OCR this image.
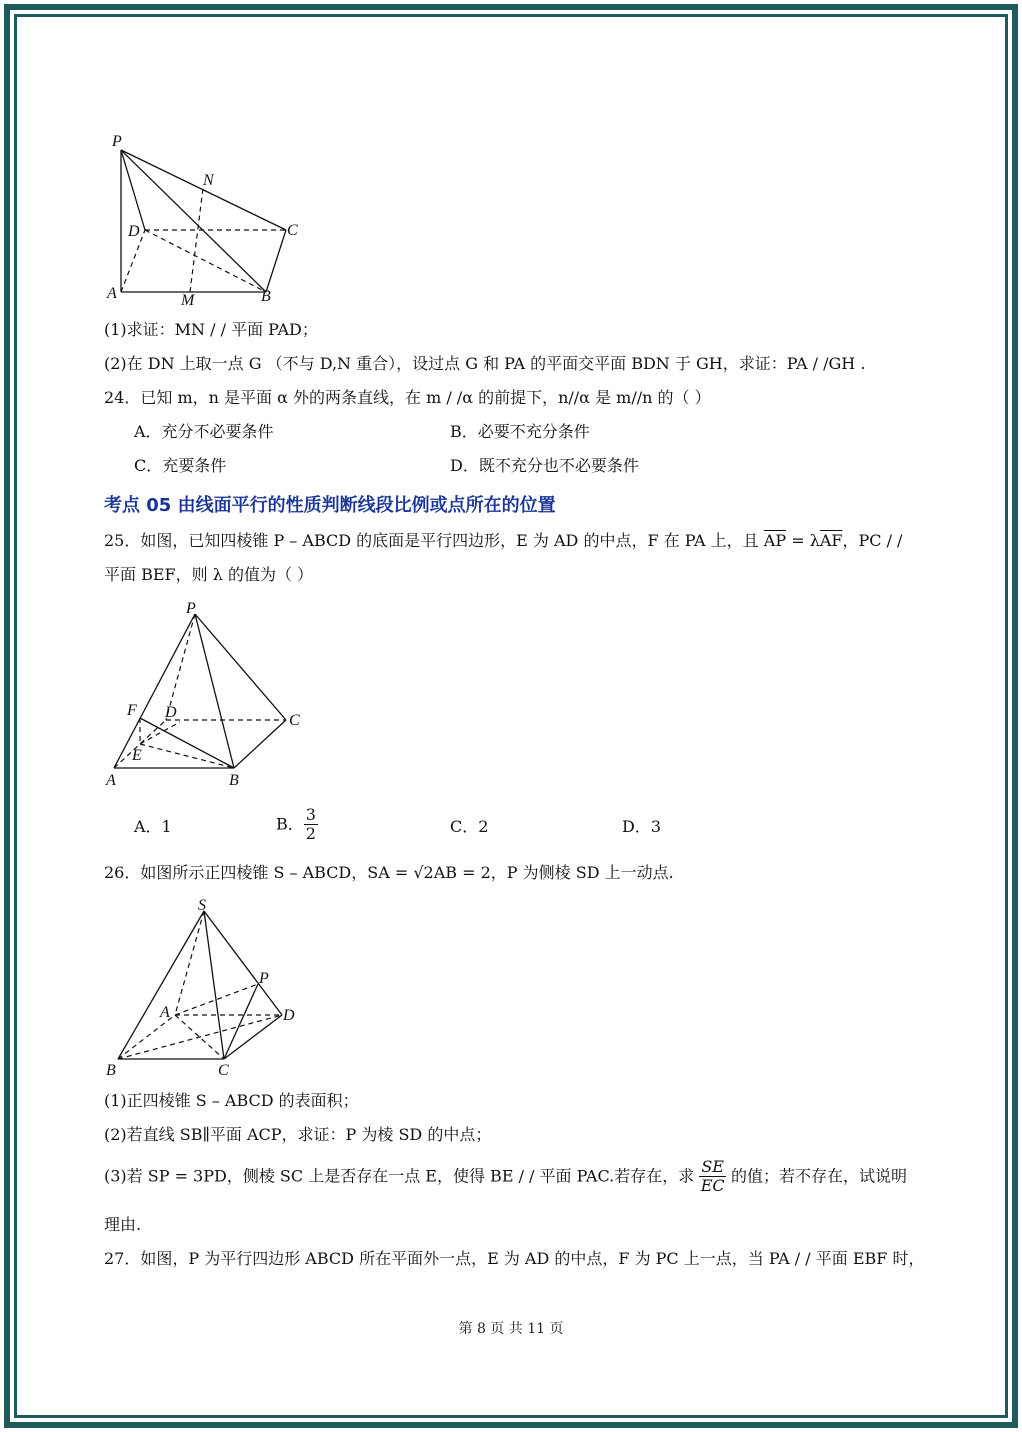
P
N
D	C
A	M	B
(1)求证：MN / / 平面 PAD；
(2)在 DN 上取一点 G （不与 D,N 重合），设过点 G 和 PA 的平面交平面 BDN 于 GH，求证：PA / /GH .
24．已知 m，n 是平面 α 外的两条直线，在 m / /α 的前提下，n//α 是 m//n 的（ ）
A．充分不必要条件	B．必要不充分条件
C．充要条件	D．既不充分也不必要条件
考点 05 由线面平行的性质判断线段比例或点所在的位置
25．如图，已知四棱锥 P – ABCD 的底面是平行四边形，E 为 AD 的中点，F 在 PA 上，且 $\overline{AP} = \lambda\overline{AF}$，PC / /
平面 BEF，则 λ 的值为（ ）
P
F D	C
E
A	B
A．1	B． $\frac{3}{2}$	C．2	D．3
26．如图所示正四棱锥 S – ABCD，SA = √2AB = 2，P 为侧棱 SD 上一动点.
S
P
A	D
B	C
(1)正四棱锥 S – ABCD 的表面积；
(2)若直线 SB∥平面 ACP，求证：P 为棱 SD 的中点；
(3)若 SP = 3PD，侧棱 SC 上是否存在一点 E，使得 BE / / 平面 PAC.若存在，求 $\frac{SE}{EC}$ 的值；若不存在，试说明
理由.
27．如图，P 为平行四边形 ABCD 所在平面外一点，E 为 AD 的中点，F 为 PC 上一点，当 PA / / 平面 EBF 时，
第 8 页 共 11 页
